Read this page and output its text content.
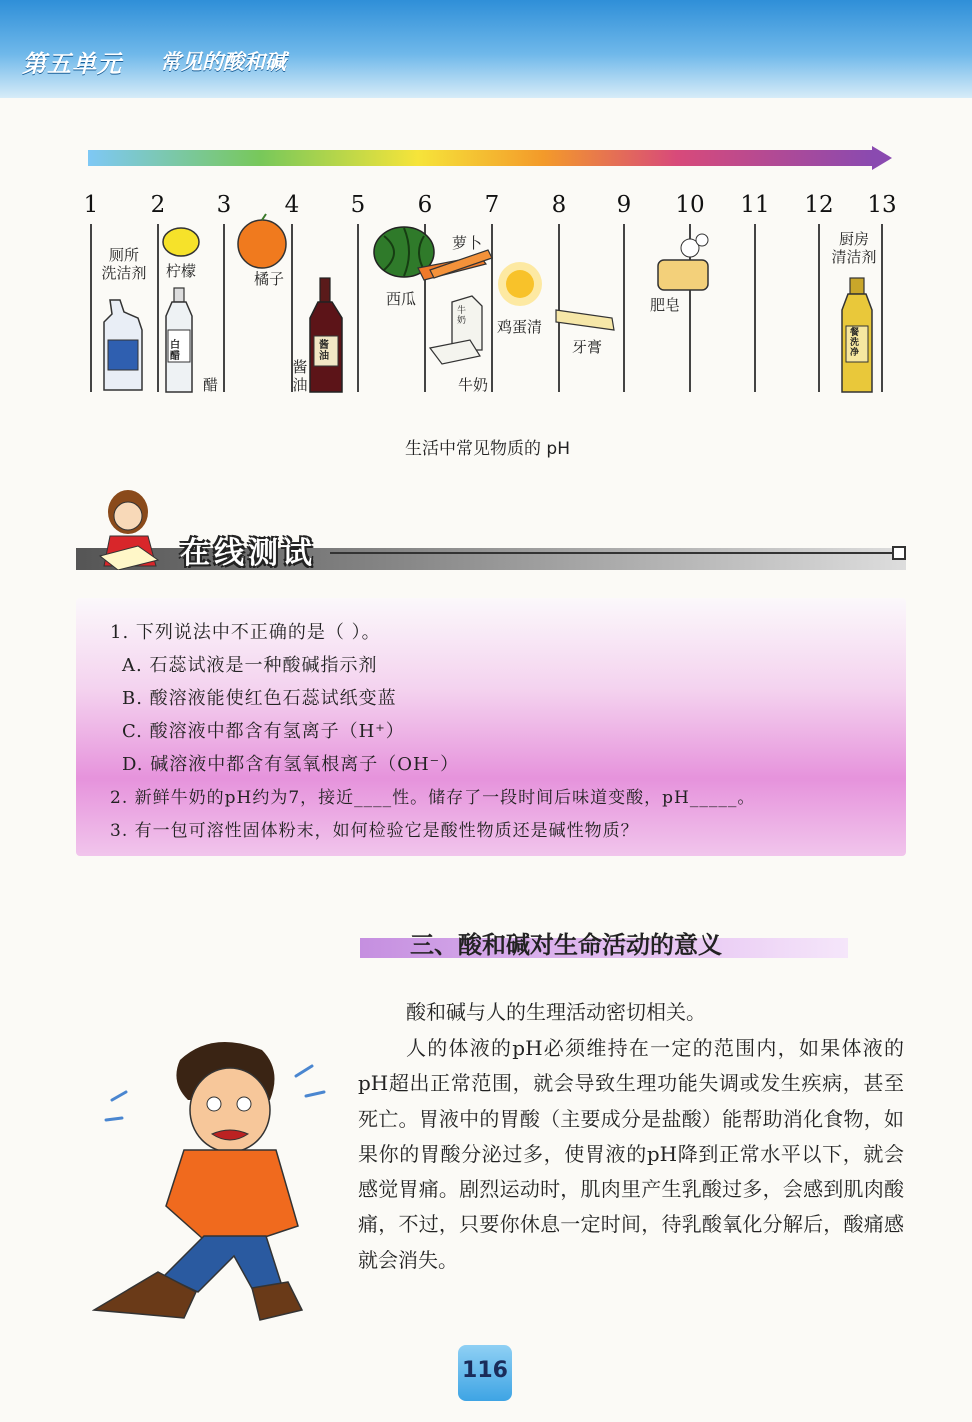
第五单元 常见的酸和碱
1	2	3	4	5	6	7	8	9	10 11 12 13
厕所
洗洁剂 柠檬
醋
橘子
酱油
西瓜
萝卜
牛奶
鸡蛋清
牙膏
肥皂
厨房
清洁剂
白醋
酱油
牛奶
餐洗净
生活中常见物质的 pH
在线测试
1. 下列说法中不正确的是（ ）。
A. 石蕊试液是一种酸碱指示剂
B. 酸溶液能使红色石蕊试纸变蓝
C. 酸溶液中都含有氢离子（H⁺）
D. 碱溶液中都含有氢氧根离子（OH⁻）
2. 新鲜牛奶的pH约为7，接近____性。储存了一段时间后味道变酸，pH_____。
3. 有一包可溶性固体粉末，如何检验它是酸性物质还是碱性物质？
三、酸和碱对生命活动的意义
酸和碱与人的生理活动密切相关。
人的体液的pH必须维持在一定的范围内，如果体液的pH超出正常范围，就会导致生理功能失调或发生疾病，甚至死亡。胃液中的胃酸（主要成分是盐酸）能帮助消化食物，如果你的胃酸分泌过多，使胃液的pH降到正常水平以下，就会感觉胃痛。剧烈运动时，肌肉里产生乳酸过多，会感到肌肉酸痛，不过，只要你休息一定时间，待乳酸氧化分解后，酸痛感就会消失。
116
